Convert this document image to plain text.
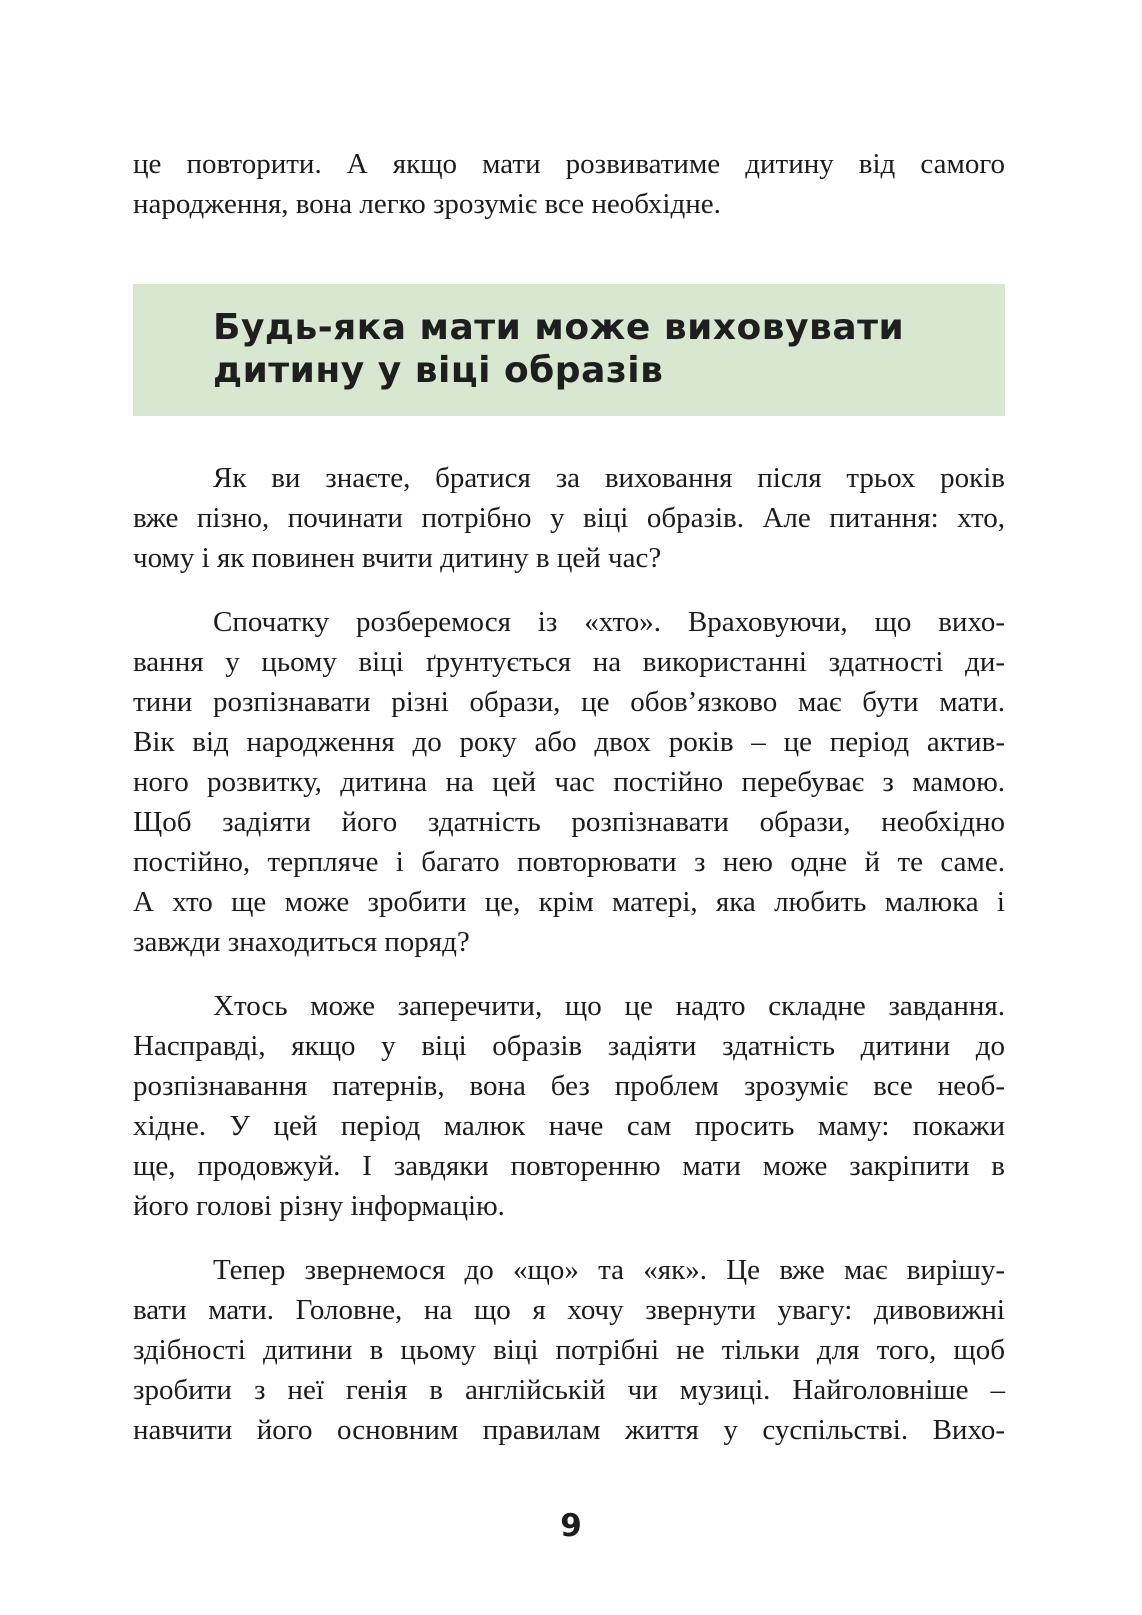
це повторити. А якщо мати розвиватиме дитину від самого
народження, вона легко зрозуміє все необхідне.
Будь-яка мати може виховувати
дитину у віці образів
Як ви знаєте, братися за виховання після трьох років
вже пізно, починати потрібно у віці образів. Але питання: хто,
чому і як повинен вчити дитину в цей час?
Спочатку розберемося із «хто». Враховуючи, що вихо-
вання у цьому віці ґрунтується на використанні здатності ди-
тини розпізнавати різні образи, це обов’язково має бути мати.
Вік від народження до року або двох років – це період актив-
ного розвитку, дитина на цей час постійно перебуває з мамою.
Щоб задіяти його здатність розпізнавати образи, необхідно
постійно, терпляче і багато повторювати з нею одне й те саме.
А хто ще може зробити це, крім матері, яка любить малюка і
завжди знаходиться поряд?
Хтось може заперечити, що це надто складне завдання.
Насправді, якщо у віці образів задіяти здатність дитини до
розпізнавання патернів, вона без проблем зрозуміє все необ-
хідне. У цей період малюк наче сам просить маму: покажи
ще, продовжуй. І завдяки повторенню мати може закріпити в
його голові різну інформацію.
Тепер звернемося до «що» та «як». Це вже має вирішу-
вати мати. Головне, на що я хочу звернути увагу: дивовижні
здібності дитини в цьому віці потрібні не тільки для того, щоб
зробити з неї генія в англійській чи музиці. Найголовніше –
навчити його основним правилам життя у суспільстві. Вихо-
9
